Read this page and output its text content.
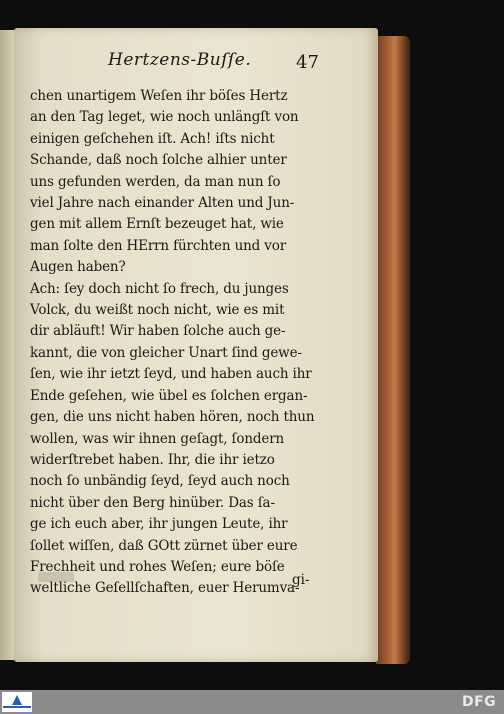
Hertzens-Buſſe. 47
chen unartigem Weſen ihr böſes Hertz
an den Tag leget, wie noch unlängſt von
einigen geſchehen iſt. Ach! iſts nicht
Schande, daß noch ſolche alhier unter
uns gefunden werden, da man nun ſo
viel Jahre nach einander Alten und Jun-
gen mit allem Ernſt bezeuget hat, wie
man ſolte den HErrn fürchten und vor
Augen haben?
Ach: ſey doch nicht ſo frech, du junges
Volck, du weißt noch nicht, wie es mit
dir abläuft! Wir haben ſolche auch ge-
kannt, die von gleicher Unart ſind gewe-
ſen, wie ihr ietzt ſeyd, und haben auch ihr
Ende geſehen, wie übel es ſolchen ergan-
gen, die uns nicht haben hören, noch thun
wollen, was wir ihnen geſagt, ſondern
widerſtrebet haben. Ihr, die ihr ietzo
noch ſo unbändig ſeyd, ſeyd auch noch
nicht über den Berg hinüber. Das ſa-
ge ich euch aber, ihr jungen Leute, ihr
ſollet wiſſen, daß GOtt zürnet über eure
Frechheit und rohes Weſen; eure böſe
weltliche Geſellſchaften, euer Herumva-
gi-
DFG
